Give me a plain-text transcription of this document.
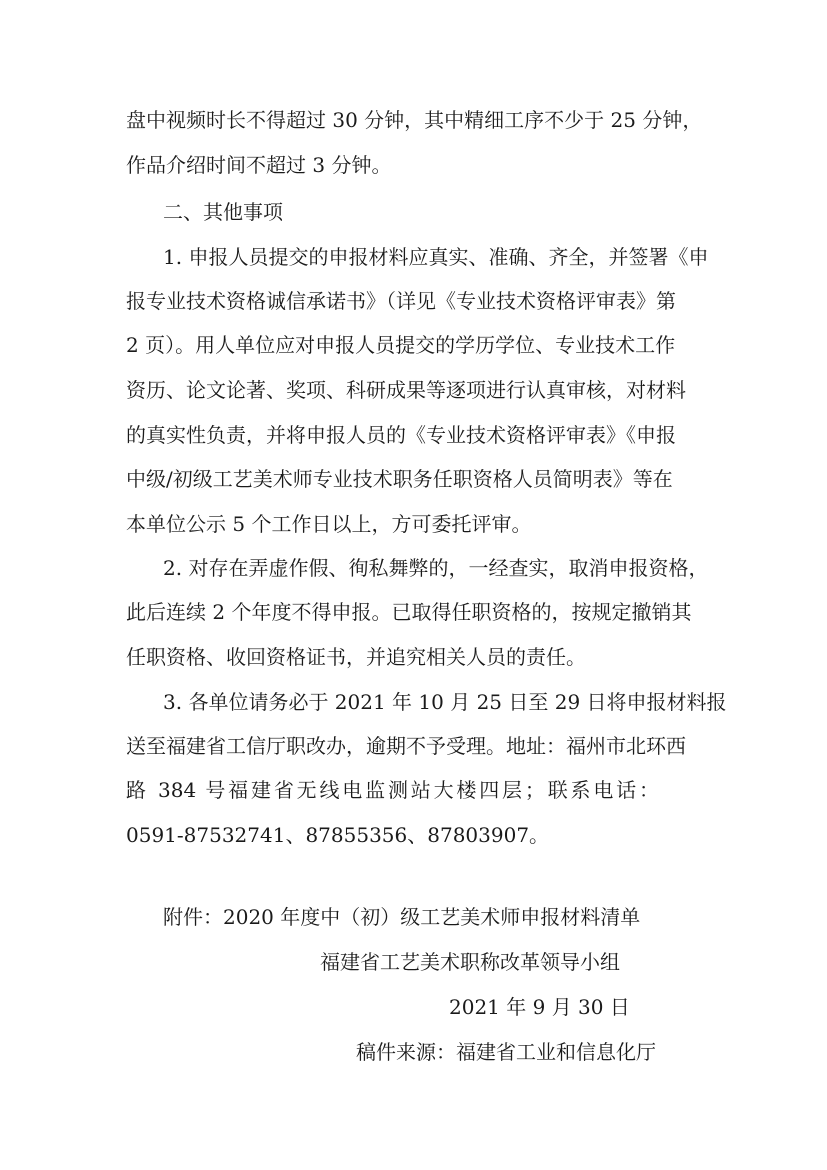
盘中视频时长不得超过 30 分钟，其中精细工序不少于 25 分钟，
作品介绍时间不超过 3 分钟。
二、其他事项
1. 申报人员提交的申报材料应真实、准确、齐全，并签署《申
报专业技术资格诚信承诺书》（详见《专业技术资格评审表》第
2 页）。用人单位应对申报人员提交的学历学位、专业技术工作
资历、论文论著、奖项、科研成果等逐项进行认真审核，对材料
的真实性负责，并将申报人员的《专业技术资格评审表》《申报
中级/初级工艺美术师专业技术职务任职资格人员简明表》等在
本单位公示 5 个工作日以上，方可委托评审。
2. 对存在弄虚作假、徇私舞弊的，一经查实，取消申报资格，
此后连续 2 个年度不得申报。已取得任职资格的，按规定撤销其
任职资格、收回资格证书，并追究相关人员的责任。
3. 各单位请务必于 2021 年 10 月 25 日至 29 日将申报材料报
送至福建省工信厅职改办，逾期不予受理。地址：福州市北环西
路 384 号福建省无线电监测站大楼四层；联系电话：
0591-87532741、87855356、87803907。
附件：2020 年度中（初）级工艺美术师申报材料清单
福建省工艺美术职称改革领导小组
2021 年 9 月 30 日
稿件来源：福建省工业和信息化厅
